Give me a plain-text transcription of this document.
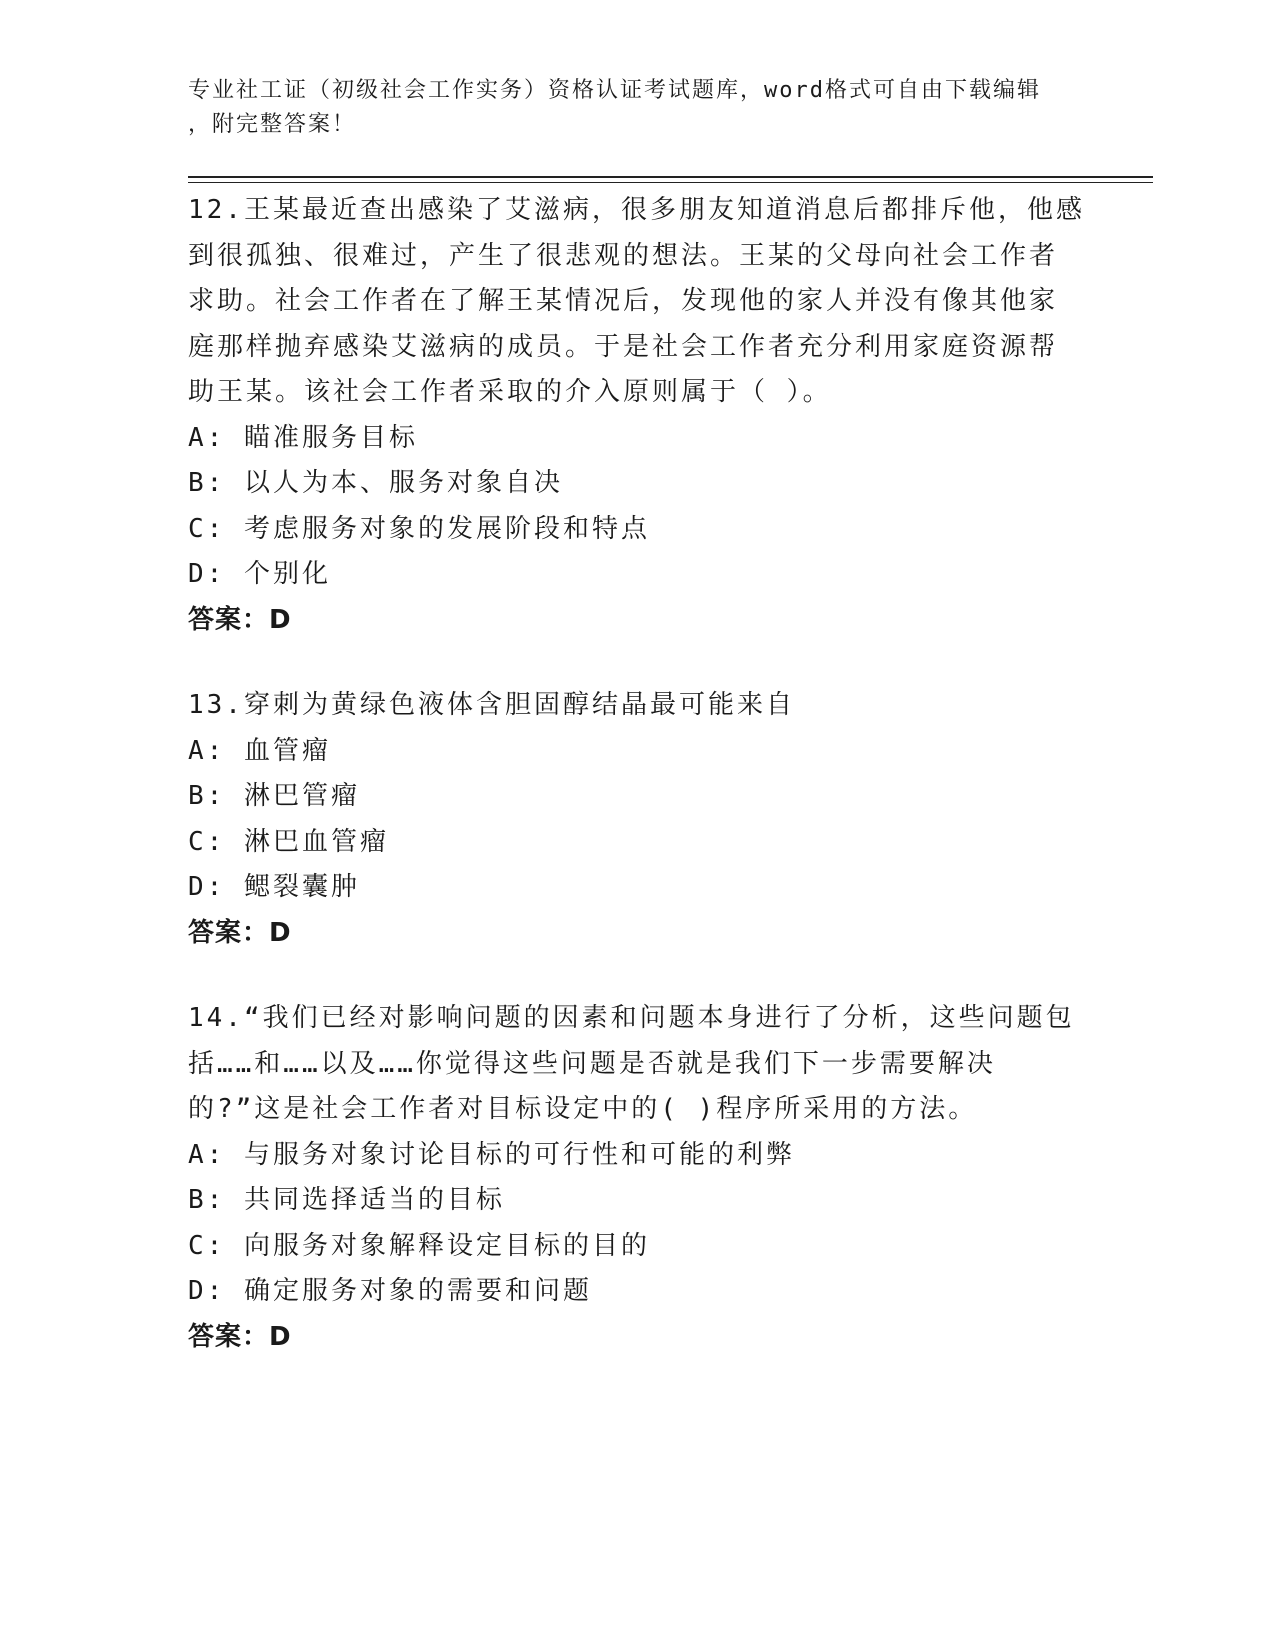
专业社工证（初级社会工作实务）资格认证考试题库，word格式可自由下载编辑
，附完整答案！
12.王某最近查出感染了艾滋病，很多朋友知道消息后都排斥他，他感
到很孤独、很难过，产生了很悲观的想法。王某的父母向社会工作者
求助。社会工作者在了解王某情况后，发现他的家人并没有像其他家
庭那样抛弃感染艾滋病的成员。于是社会工作者充分利用家庭资源帮
助王某。该社会工作者采取的介入原则属于（ ）。
A: 瞄准服务目标
B: 以人为本、服务对象自决
C: 考虑服务对象的发展阶段和特点
D: 个别化
答案：D
13.穿刺为黄绿色液体含胆固醇结晶最可能来自
A: 血管瘤
B: 淋巴管瘤
C: 淋巴血管瘤
D: 鳃裂囊肿
答案：D
14.“我们已经对影响问题的因素和问题本身进行了分析，这些问题包
括……和……以及……你觉得这些问题是否就是我们下一步需要解决
的?”这是社会工作者对目标设定中的( )程序所采用的方法。
A: 与服务对象讨论目标的可行性和可能的利弊
B: 共同选择适当的目标
C: 向服务对象解释设定目标的目的
D: 确定服务对象的需要和问题
答案：D
